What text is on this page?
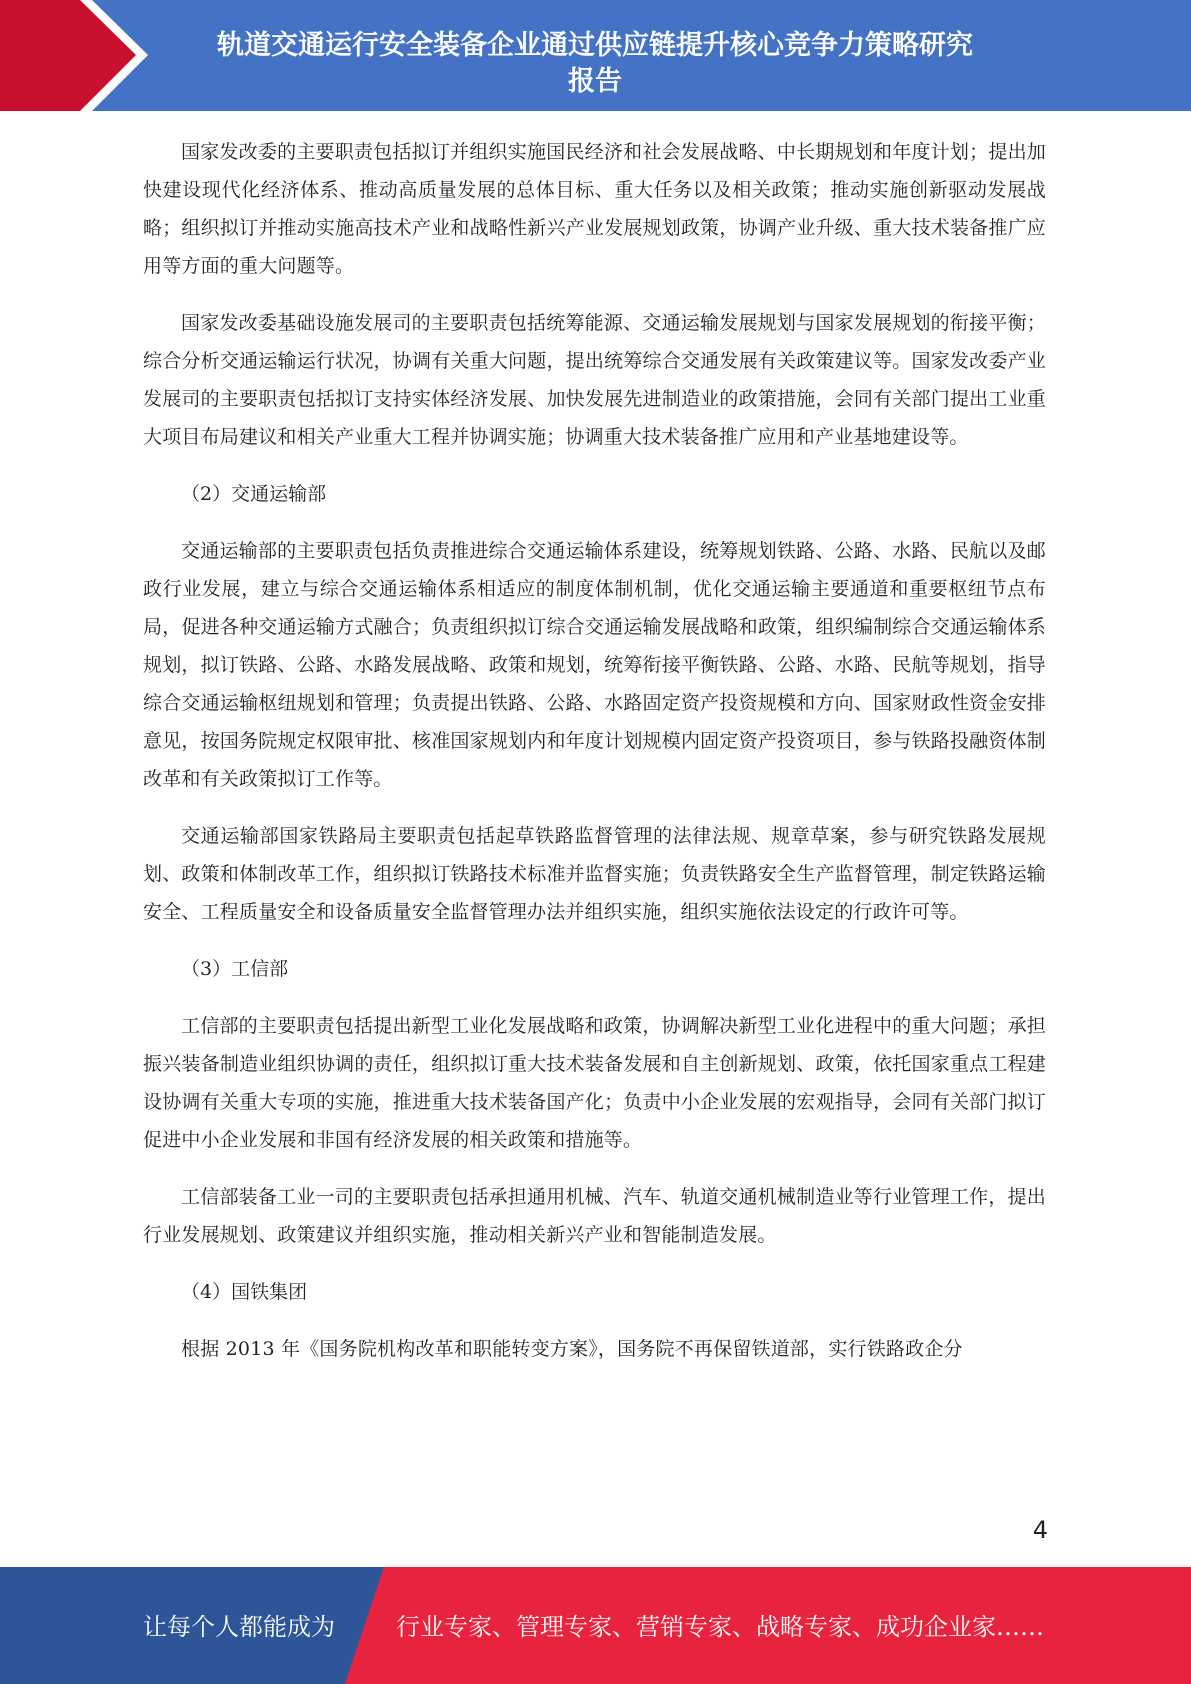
轨道交通运行安全装备企业通过供应链提升核心竞争力策略研究
报告

国家发改委的主要职责包括拟订并组织实施国民经济和社会发展战略、中长期规划和年度计划；提出加快建设现代化经济体系、推动高质量发展的总体目标、重大任务以及相关政策；推动实施创新驱动发展战略；组织拟订并推动实施高技术产业和战略性新兴产业发展规划政策，协调产业升级、重大技术装备推广应用等方面的重大问题等。

国家发改委基础设施发展司的主要职责包括统筹能源、交通运输发展规划与国家发展规划的衔接平衡；综合分析交通运输运行状况，协调有关重大问题，提出统筹综合交通发展有关政策建议等。国家发改委产业发展司的主要职责包括拟订支持实体经济发展、加快发展先进制造业的政策措施，会同有关部门提出工业重大项目布局建议和相关产业重大工程并协调实施；协调重大技术装备推广应用和产业基地建设等。

（2）交通运输部

交通运输部的主要职责包括负责推进综合交通运输体系建设，统筹规划铁路、公路、水路、民航以及邮政行业发展，建立与综合交通运输体系相适应的制度体制机制，优化交通运输主要通道和重要枢纽节点布局，促进各种交通运输方式融合；负责组织拟订综合交通运输发展战略和政策，组织编制综合交通运输体系规划，拟订铁路、公路、水路发展战略、政策和规划，统筹衔接平衡铁路、公路、水路、民航等规划，指导综合交通运输枢纽规划和管理；负责提出铁路、公路、水路固定资产投资规模和方向、国家财政性资金安排意见，按国务院规定权限审批、核准国家规划内和年度计划规模内固定资产投资项目，参与铁路投融资体制改革和有关政策拟订工作等。

交通运输部国家铁路局主要职责包括起草铁路监督管理的法律法规、规章草案，参与研究铁路发展规划、政策和体制改革工作，组织拟订铁路技术标准并监督实施；负责铁路安全生产监督管理，制定铁路运输安全、工程质量安全和设备质量安全监督管理办法并组织实施，组织实施依法设定的行政许可等。

（3）工信部

工信部的主要职责包括提出新型工业化发展战略和政策，协调解决新型工业化进程中的重大问题；承担振兴装备制造业组织协调的责任，组织拟订重大技术装备发展和自主创新规划、政策，依托国家重点工程建设协调有关重大专项的实施，推进重大技术装备国产化；负责中小企业发展的宏观指导，会同有关部门拟订促进中小企业发展和非国有经济发展的相关政策和措施等。

工信部装备工业一司的主要职责包括承担通用机械、汽车、轨道交通机械制造业等行业管理工作，提出行业发展规划、政策建议并组织实施，推动相关新兴产业和智能制造发展。

（4）国铁集团

根据 2013 年《国务院机构改革和职能转变方案》，国务院不再保留铁道部，实行铁路政企分

4
让每个人都能成为	行业专家、管理专家、营销专家、战略专家、成功企业家……
